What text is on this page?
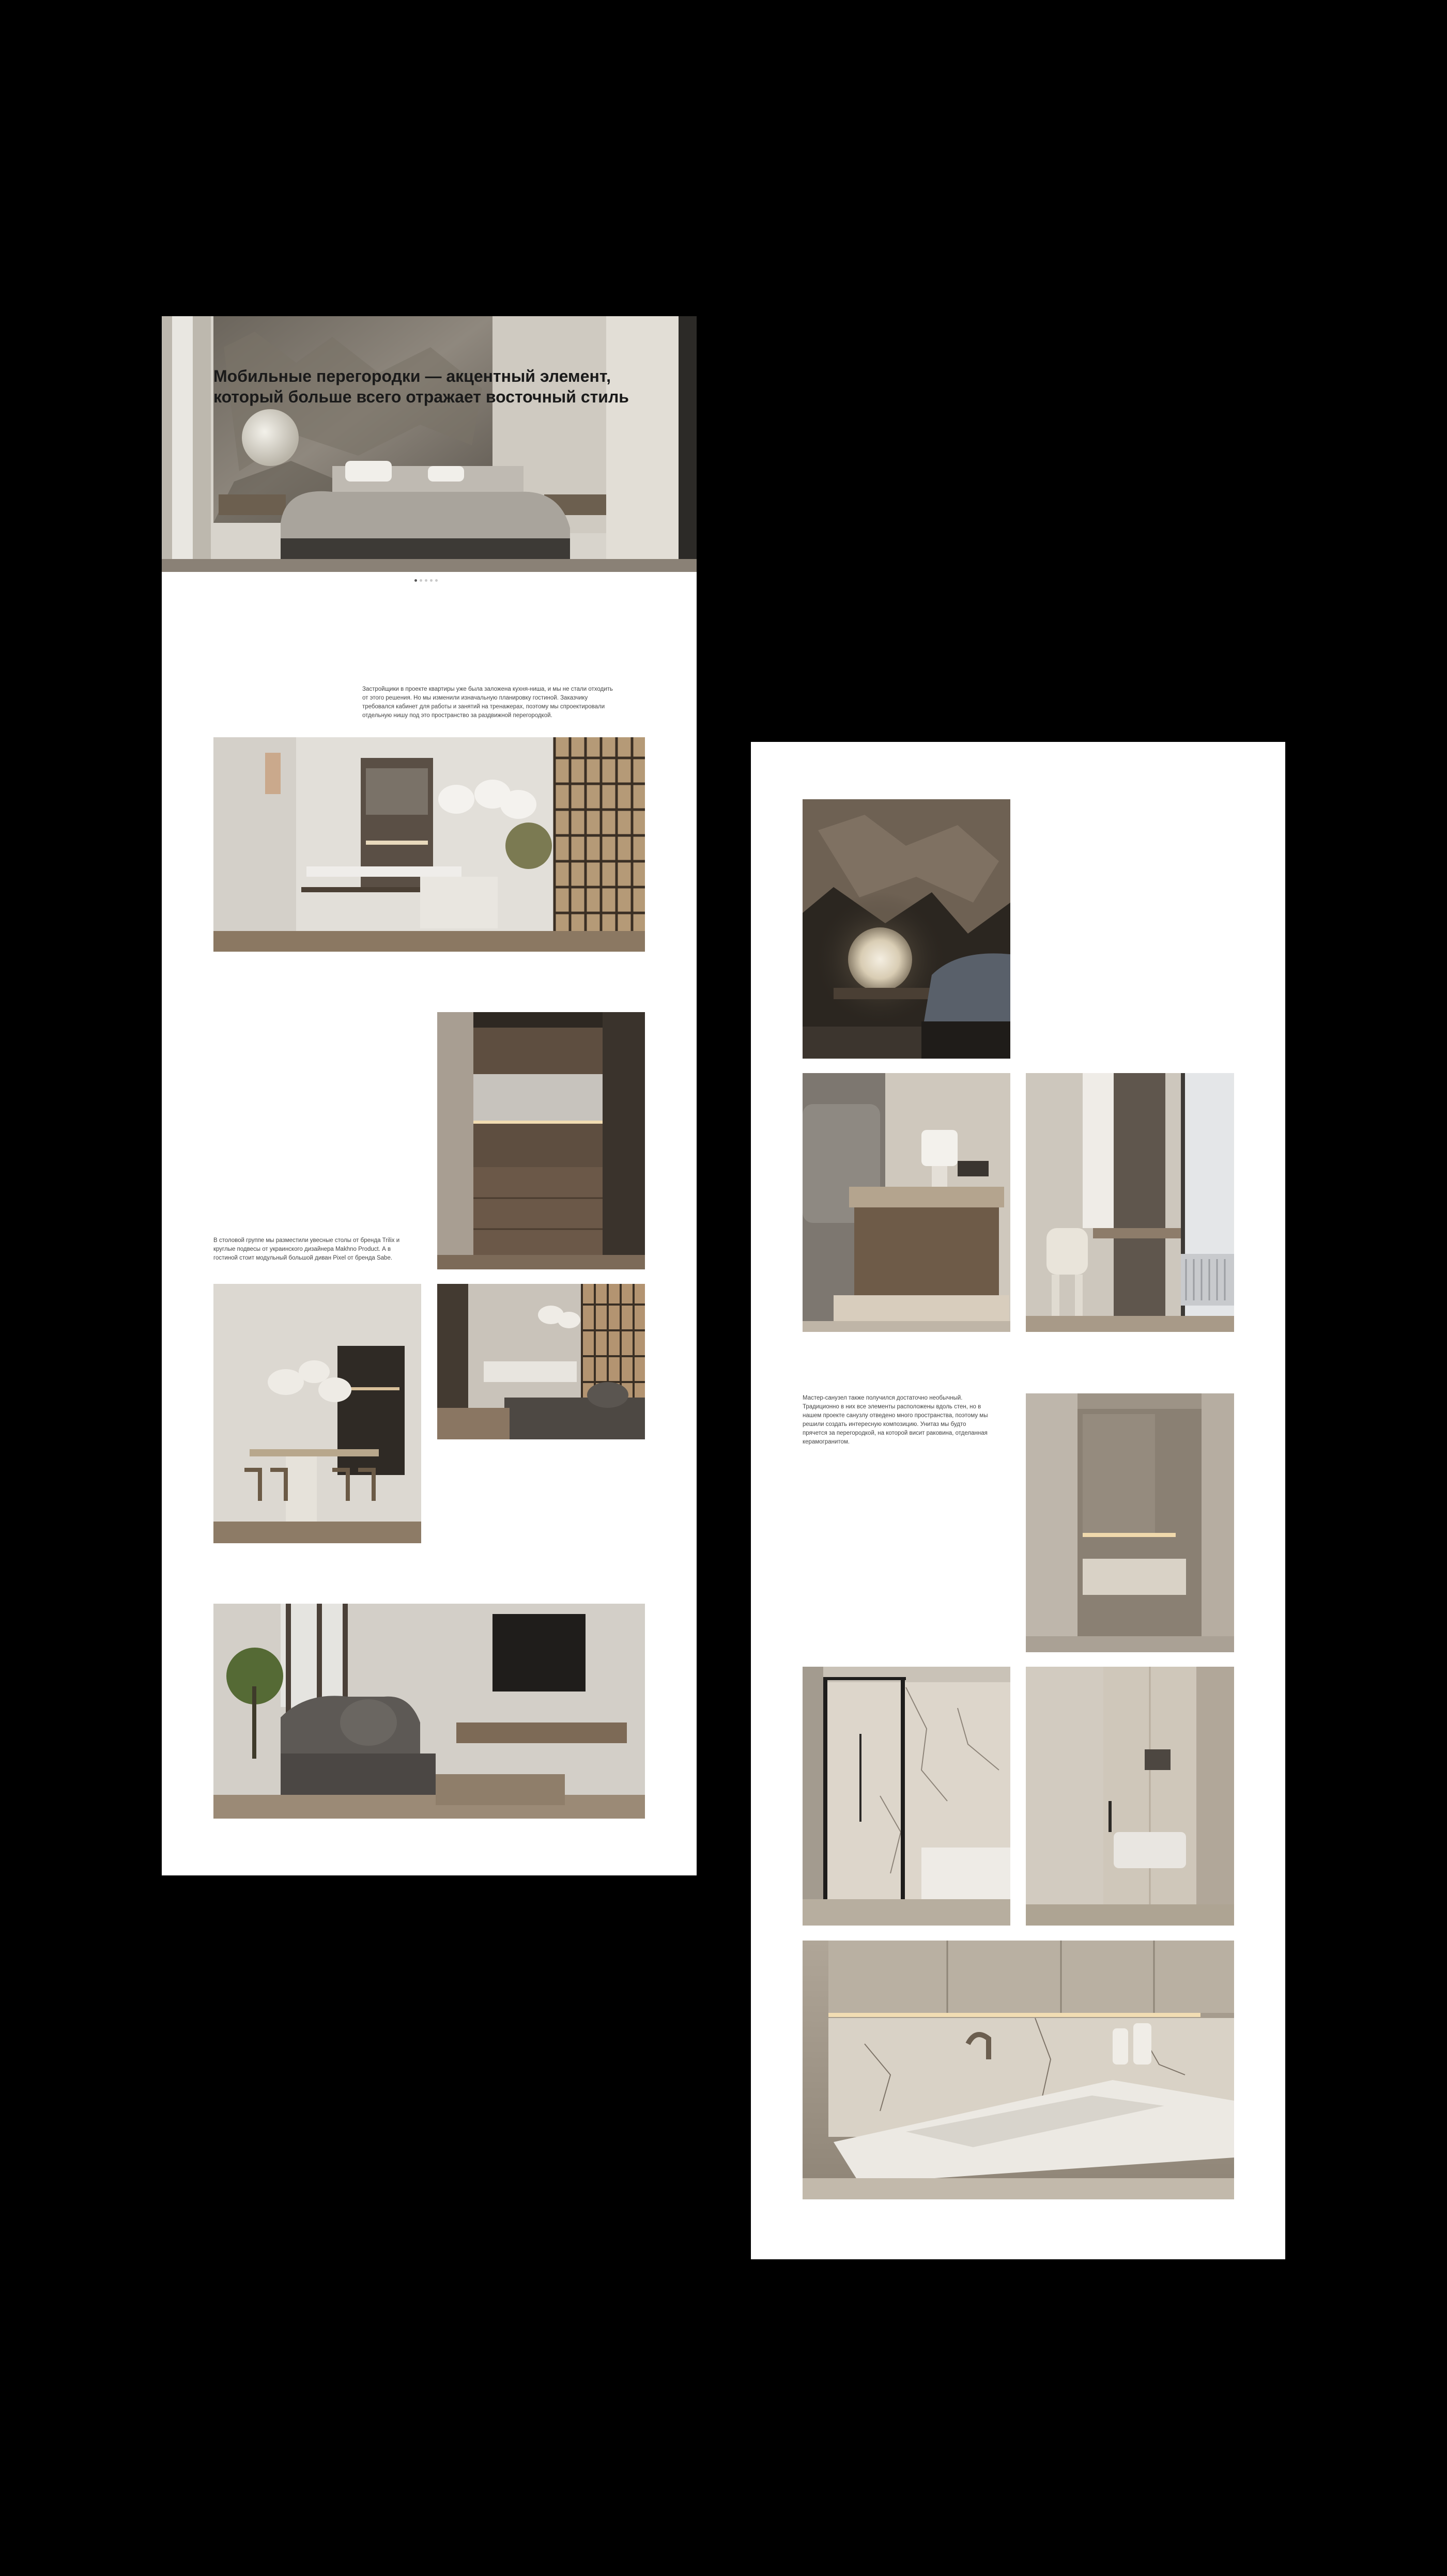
Мобильные перегородки — акцентный элемент, который больше всего отражает восточный стиль

Застройщики в проекте квартиры уже была заложена кухня-ниша, и мы не стали отходить от этого решения. Но мы изменили изначальную планировку гостиной. Заказчику требовался кабинет для работы и занятий на тренажерах, поэтому мы спроектировали отдельную нишу под это пространство за раздвижной перегородкой.

В столовой группе мы разместили увесные столы от бренда Trilix и круглые подвесы от украинского дизайнера Makhno Product. А в гостиной стоит модульный большой диван Pixel от бренда Sabe.

Мастер-санузел также получился достаточно необычный. Традиционно в них все элементы расположены вдоль стен, но в нашем проекте санузлу отведено много пространства, поэтому мы решили создать интересную композицию. Унитаз мы будто прячется за перегородкой, на которой висит раковина, отделанная керамогранитом.
